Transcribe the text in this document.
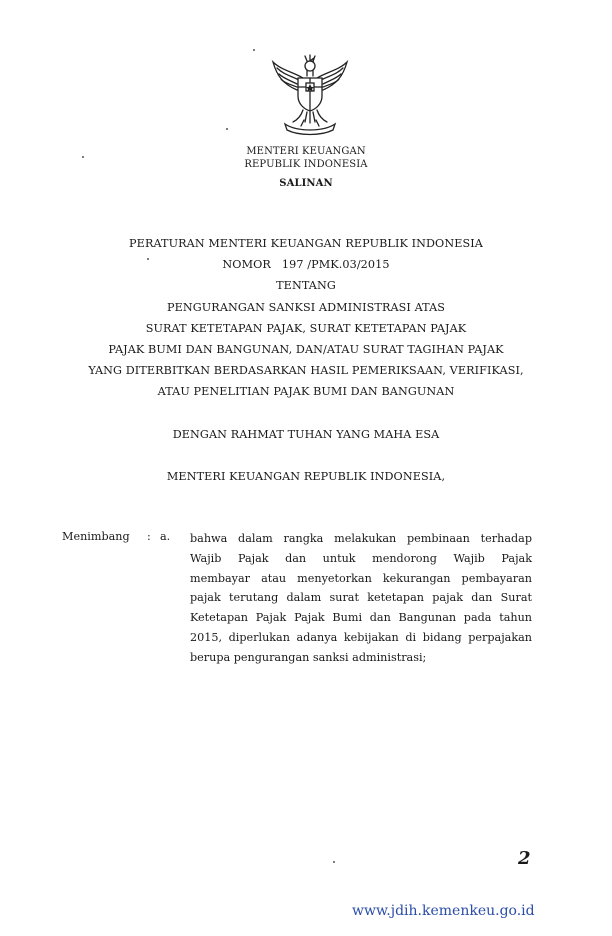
MENTERI KEUANGAN
REPUBLIK INDONESIA
SALINAN
PERATURAN MENTERI KEUANGAN REPUBLIK INDONESIA
NOMOR 197 /PMK.03/2015
TENTANG
PENGURANGAN SANKSI ADMINISTRASI ATAS
SURAT KETETAPAN PAJAK, SURAT KETETAPAN PAJAK
PAJAK BUMI DAN BANGUNAN, DAN/ATAU SURAT TAGIHAN PAJAK
YANG DITERBITKAN BERDASARKAN HASIL PEMERIKSAAN, VERIFIKASI,
ATAU PENELITIAN PAJAK BUMI DAN BANGUNAN
DENGAN RAHMAT TUHAN YANG MAHA ESA
MENTERI KEUANGAN REPUBLIK INDONESIA,
Menimbang : a. bahwa dalam rangka melakukan pembinaan terhadap
Wajib Pajak dan untuk mendorong Wajib Pajak
membayar atau menyetorkan kekurangan pembayaran
pajak terutang dalam surat ketetapan pajak dan Surat
Ketetapan Pajak Pajak Bumi dan Bangunan pada tahun
2015, diperlukan adanya kebijakan di bidang perpajakan
berupa pengurangan sanksi administrasi;
2
www.jdih.kemenkeu.go.id
